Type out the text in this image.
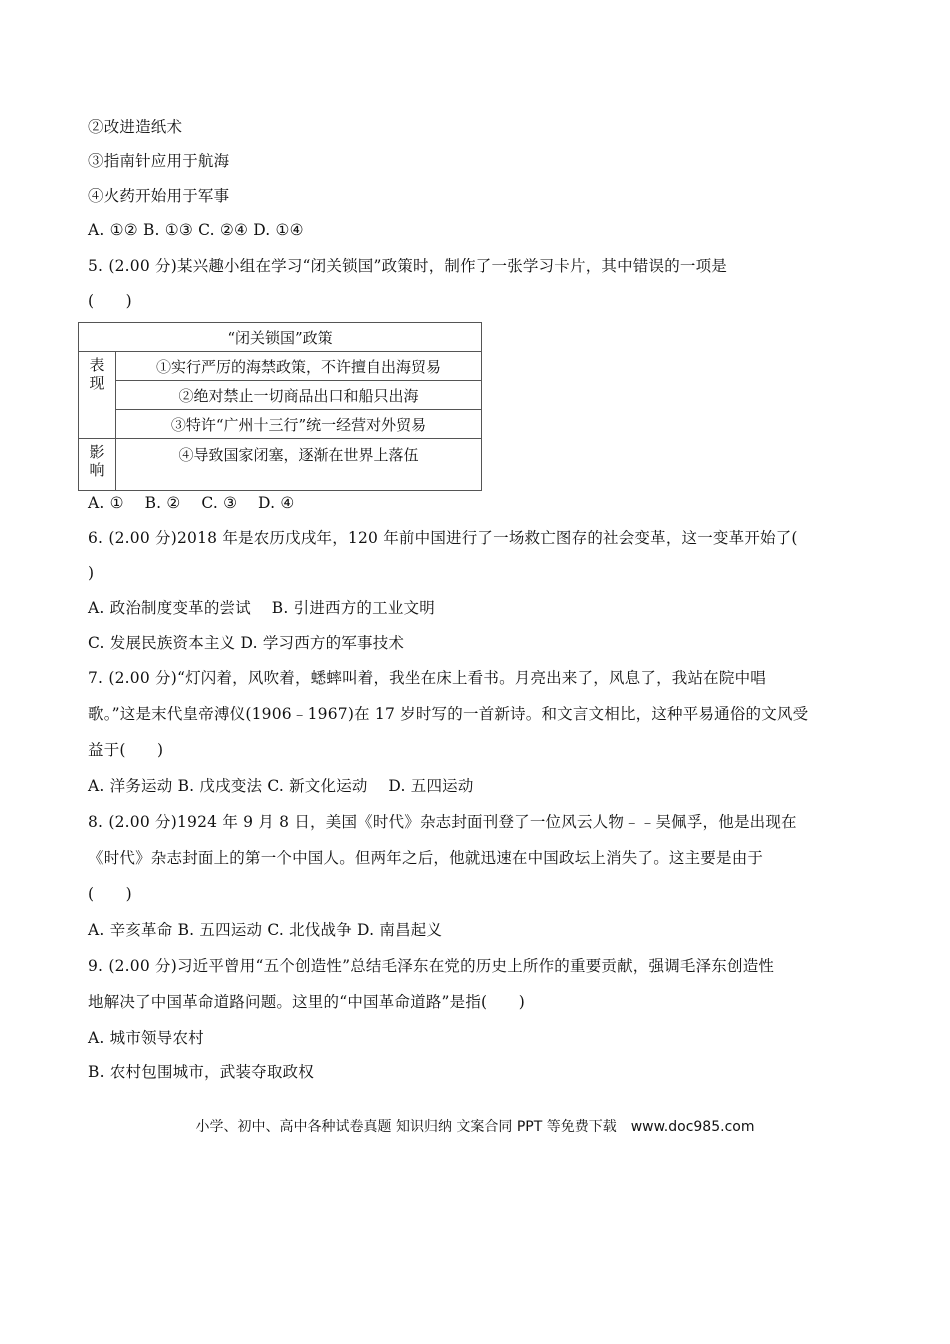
②改进造纸术
③指南针应用于航海
④火药开始用于军事
A. ①② B. ①③ C. ②④ D. ①④
5. (2.00 分)某兴趣小组在学习“闭关锁国”政策时，制作了一张学习卡片，其中错误的一项是
(　　)
“闭关锁国”政策	

表
现	①实行严厉的海禁政策，不许擅自出海贸易
	②绝对禁止一切商品出口和船只出海
	③特许“广州十三行”统一经营对外贸易

影
响	④导致国家闭塞，逐渐在世界上落伍
A. ①　 B. ②　 C. ③　 D. ④
6. (2.00 分)2018 年是农历戊戌年，120 年前中国进行了一场救亡图存的社会变革，这一变革开始了(
)
A. 政治制度变革的尝试　 B. 引进西方的工业文明
C. 发展民族资本主义 D. 学习西方的军事技术
7. (2.00 分)“灯闪着，风吹着，蟋蟀叫着，我坐在床上看书。月亮出来了，风息了，我站在院中唱
歌。”这是末代皇帝溥仪(1906﹣1967)在 17 岁时写的一首新诗。和文言文相比，这种平易通俗的文风受
益于(　　)
A. 洋务运动 B. 戊戌变法 C. 新文化运动　 D. 五四运动
8. (2.00 分)1924 年 9 月 8 日，美国《时代》杂志封面刊登了一位风云人物﹣﹣吴佩孚，他是出现在
《时代》杂志封面上的第一个中国人。但两年之后，他就迅速在中国政坛上消失了。这主要是由于
(　　)
A. 辛亥革命 B. 五四运动 C. 北伐战争 D. 南昌起义
9. (2.00 分)习近平曾用“五个创造性”总结毛泽东在党的历史上所作的重要贡献，强调毛泽东创造性
地解决了中国革命道路问题。这里的“中国革命道路”是指(　　)
A. 城市领导农村
B. 农村包围城市，武装夺取政权
小学、初中、高中各种试卷真题 知识归纳 文案合同 PPT 等免费下载　www.doc985.com
